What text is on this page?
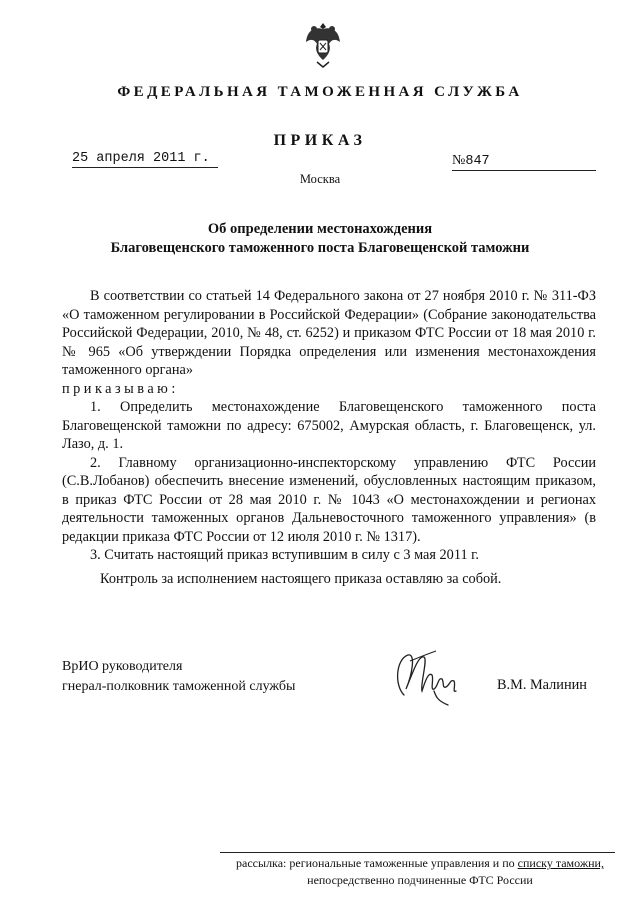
ФЕДЕРАЛЬНАЯ ТАМОЖЕННАЯ СЛУЖБА
ПРИКАЗ
25 апреля 2011 г.	№847
Москва
Об определении местонахождения
Благовещенского таможенного поста Благовещенской таможни

В соответствии со статьей 14 Федерального закона от 27 ноября 2010 г. № 311-ФЗ «О таможенном регулировании в Российской Федерации» (Собрание законодательства Российской Федерации, 2010, № 48, ст. 6252) и приказом ФТС России от 18 мая 2010 г. № 965 «Об утверждении Порядка определения или изменения местонахождения таможенного органа»

приказываю:

1. Определить местонахождение Благовещенского таможенного поста Благовещенской таможни по адресу: 675002, Амурская область, г. Благовещенск, ул. Лазо, д. 1.

2. Главному организационно-инспекторскому управлению ФТС России (С.В.Лобанов) обеспечить внесение изменений, обусловленных настоящим приказом, в приказ ФТС России от 28 мая 2010 г. № 1043 «О местонахождении и регионах деятельности таможенных органов Дальневосточного таможенного управления» (в редакции приказа ФТС России от 12 июля 2010 г. № 1317).

3. Считать настоящий приказ вступившим в силу с 3 мая 2011 г.

Контроль за исполнением настоящего приказа оставляю за собой.
ВрИО руководителя
гнерал-полковник таможенной службы	В.М. Малинин
рассылка: региональные таможенные управления и по списку таможни,
непосредственно подчиненные ФТС России
